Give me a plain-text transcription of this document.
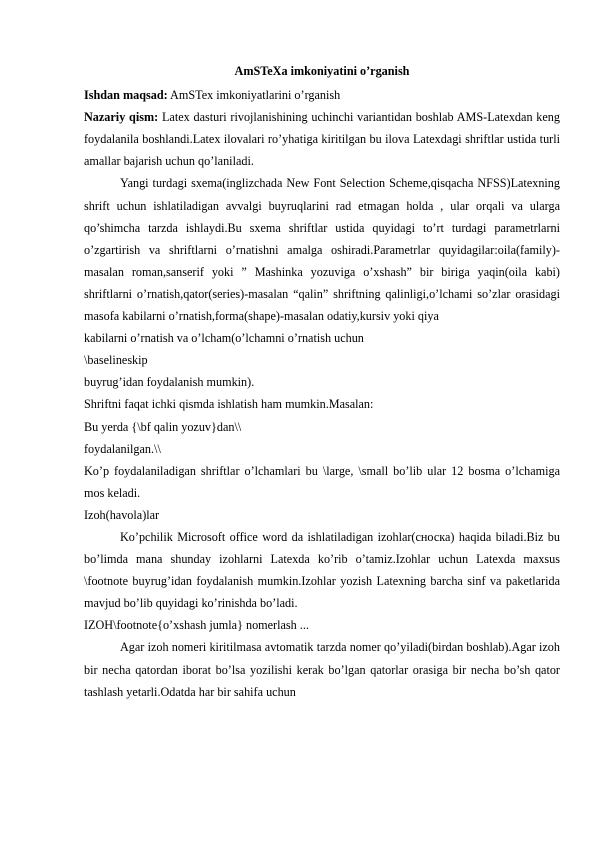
AmSTeXa imkoniyatini o’rganish

Ishdan maqsad: AmSTex imkoniyatlarini o’rganish

Nazariy qism: Latex dasturi rivojlanishining uchinchi variantidan boshlab AMS-Latexdan keng foydalanila boshlandi.Latex ilovalari ro’yhatiga kiritilgan bu ilova Latexdagi shriftlar ustida turli amallar bajarish uchun qo’laniladi.

Yangi turdagi sxema(inglizchada New Font Selection Scheme,qisqacha NFSS)Latexning shrift uchun ishlatiladigan avvalgi buyruqlarini rad etmagan holda , ular orqali va ularga qo’shimcha tarzda ishlaydi.Bu sxema shriftlar ustida quyidagi to’rt turdagi parametrlarni o’zgartirish va shriftlarni o’rnatishni amalga oshiradi.Parametrlar quyidagilar:oila(family)-masalan roman,sanserif yoki ” Mashinka yozuviga o’xshash” bir biriga yaqin(oila kabi) shriftlarni o’rnatish,qator(series)-masalan “qalin” shriftning qalinligi,o’lchami so’zlar orasidagi masofa kabilarni o’rnatish,forma(shape)-masalan odatiy,kursiv yoki qiya

kabilarni o’rnatish va o’lcham(o’lchamni o’rnatish uchun

\baselineskip

buyrug’idan foydalanish mumkin).

Shriftni faqat ichki qismda ishlatish ham mumkin.Masalan:

Bu yerda {\bf qalin yozuv}dan\\

foydalanilgan.\\

Ko’p foydalaniladigan shriftlar o’lchamlari bu \large, \small bo’lib ular 12 bosma o’lchamiga mos keladi.

Izoh(havola)lar

Ko’pchilik Microsoft office word da ishlatiladigan izohlar(сноска) haqida biladi.Biz bu bo’limda mana shunday izohlarni Latexda ko’rib o’tamiz.Izohlar uchun Latexda maxsus \footnote buyrug’idan foydalanish mumkin.Izohlar yozish Latexning barcha sinf va paketlarida mavjud bo’lib quyidagi ko’rinishda bo’ladi.

IZOH\footnote{o’xshash jumla} nomerlash ...

Agar izoh nomeri kiritilmasa avtomatik tarzda nomer qo’yiladi(birdan boshlab).Agar izoh bir necha qatordan iborat bo’lsa yozilishi kerak bo’lgan qatorlar orasiga bir necha bo’sh qator tashlash yetarli.Odatda har bir sahifa uchun
